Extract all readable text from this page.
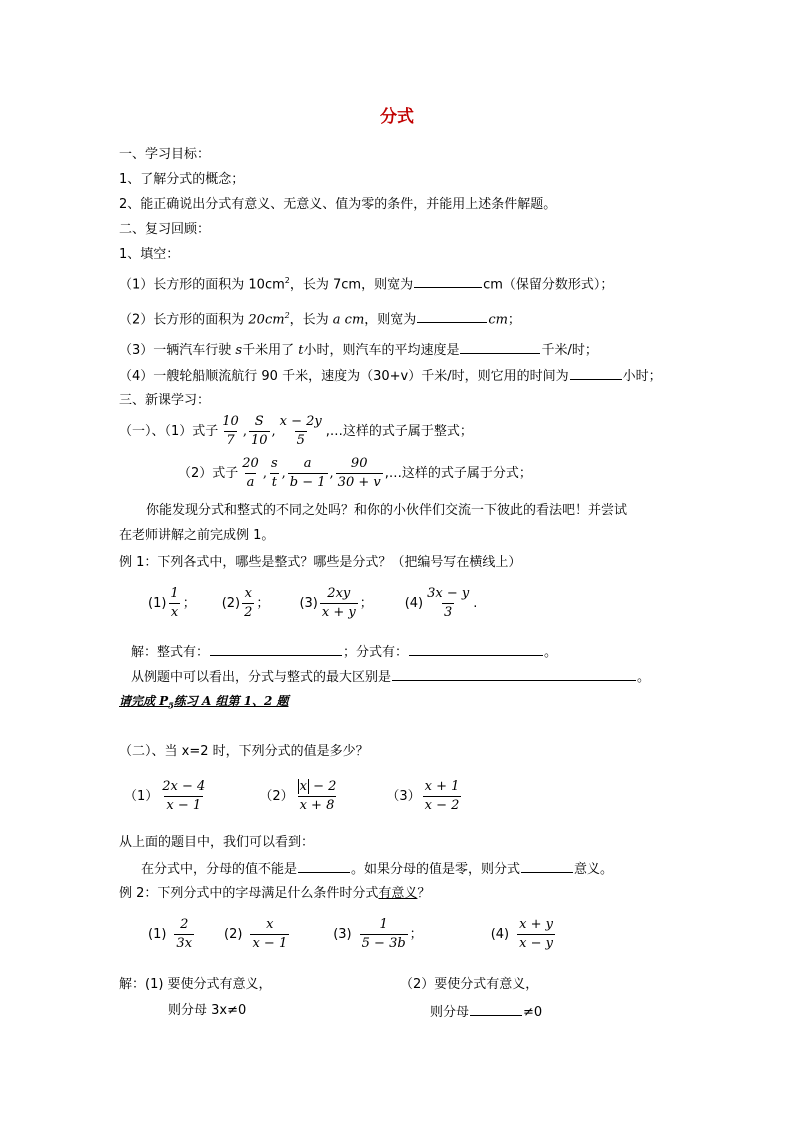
分式
一、学习目标：
1、了解分式的概念；
2、能正确说出分式有意义、无意义、值为零的条件，并能用上述条件解题。
二、复习回顾：
1、填空：
（1）长方形的面积为 $10cm^2$，长为 7cm，则宽为	cm（保留分数形式）；
（2）长方形的面积为 $20cm^2$，长为 a cm，则宽为	cm；
（3）一辆汽车行驶 s千米用了 t小时，则汽车的平均速度是	千米/时；
（4）一艘轮船顺流航行 90 千米，速度为（30+v）千米/时，则它用的时间为	小时；
三、新课学习：
（一）、（1）式子 $\frac{10}{7}$ , $\frac{S}{10}$ , $\frac{x - 2y}{5}$ ,…这样的式子属于整式；
（2）式子 $\frac{20}{a}$ , $\frac{s}{t}$ , $\frac{a}{b - 1}$ , $\frac{90}{30 + v}$ ,…这样的式子属于分式；
你能发现分式和整式的不同之处吗？和你的小伙伴们交流一下彼此的看法吧！并尝试
在老师讲解之前完成例 1。
例 1：下列各式中，哪些是整式？哪些是分式？（把编号写在横线上）
$(1) \frac{1}{x}$ ； $(2) \frac{x}{2}$ ； $(3) \frac{2xy}{x + y}$ ； $(4) \frac{3x - y}{3}$ .
解：整式有：	；分式有：	。
从例题中可以看出，分式与整式的最大区别是	。
请完成 $P_5$练习 A 组第 1、2 题
（二）、当 x=2 时，下列分式的值是多少？
$(1) \frac{2x - 4}{x - 1}$	$(2) \frac{x - 2}{x + 8}$	$(3) \frac{x + 1}{x - 2}$
从上面的题目中，我们可以看到：
在分式中，分母的值不能是	。如果分母的值是零，则分式	意义。
例 2：下列分式中的字母满足什么条件时分式有意义？
$(1) \frac{2}{3x} (2) \frac{x}{x - 1}$	$(3) \frac{1}{5 - 3b}$ ；	$(4) \frac{x + y}{x - y}$
解：(1) 要使分式有意义，
则分母 3x≠0
（2）要使分式有意义，
则分母	≠0
